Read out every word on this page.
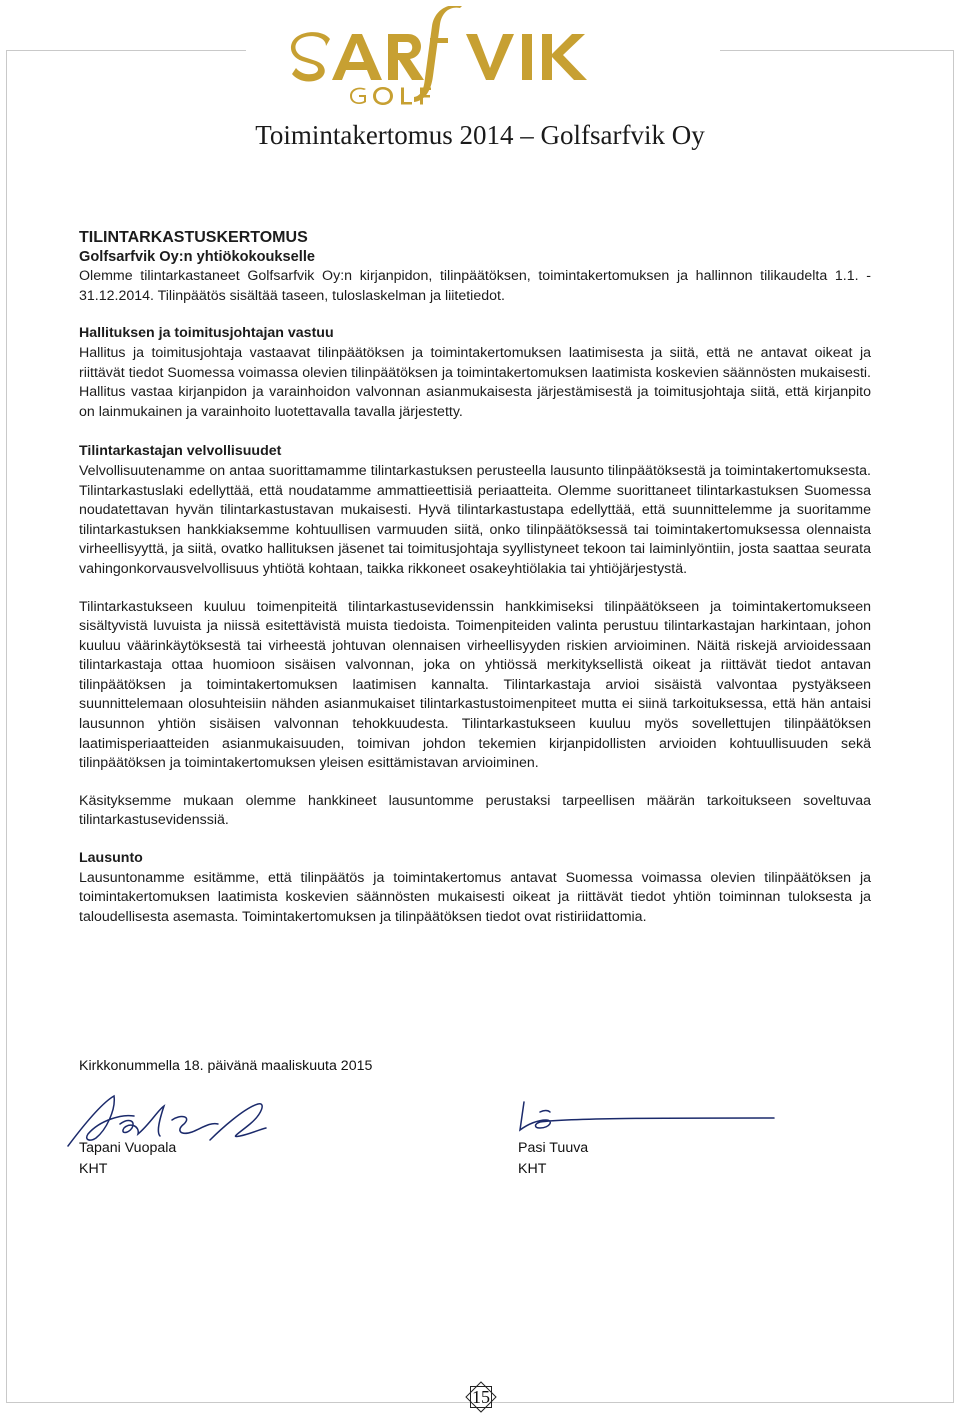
Toimintakertomus 2014 – Golfsarfvik Oy

TILINTARKASTUSKERTOMUS

Golfsarfvik Oy:n yhtiökokoukselle

Olemme tilintarkastaneet Golfsarfvik Oy:n kirjanpidon, tilinpäätöksen, toimintakertomuksen ja hallinnon tilikaudelta 1.1. - 31.12.2014. Tilinpäätös sisältää taseen, tuloslaskelman ja liitetiedot.

Hallituksen ja toimitusjohtajan vastuu

Hallitus ja toimitusjohtaja vastaavat tilinpäätöksen ja toimintakertomuksen laatimisesta ja siitä, että ne antavat oikeat ja riittävät tiedot Suomessa voimassa olevien tilinpäätöksen ja toimintakertomuksen laatimista koskevien säännösten mukaisesti. Hallitus vastaa kirjanpidon ja varainhoidon valvonnan asianmukaisesta järjestämisestä ja toimitusjohtaja siitä, että kirjanpito on lainmukainen ja varainhoito luotettavalla tavalla järjestetty.

Tilintarkastajan velvollisuudet

Velvollisuutenamme on antaa suorittamamme tilintarkastuksen perusteella lausunto tilinpäätöksestä ja toimintakertomuksesta. Tilintarkastuslaki edellyttää, että noudatamme ammattieettisiä periaatteita. Olemme suorittaneet tilintarkastuksen Suomessa noudatettavan hyvän tilintarkastustavan mukaisesti. Hyvä tilintarkastustapa edellyttää, että suunnittelemme ja suoritamme tilintarkastuksen hankkiaksemme kohtuullisen varmuuden siitä, onko tilinpäätöksessä tai toimintakertomuksessa olennaista virheellisyyttä, ja siitä, ovatko hallituksen jäsenet tai toimitusjohtaja syyllistyneet tekoon tai laiminlyöntiin, josta saattaa seurata vahingonkorvausvelvollisuus yhtiötä kohtaan, taikka rikkoneet osakeyhtiölakia tai yhtiöjärjestystä.

Tilintarkastukseen kuuluu toimenpiteitä tilintarkastusevidenssin hankkimiseksi tilinpäätökseen ja toimintakertomukseen sisältyvistä luvuista ja niissä esitettävistä muista tiedoista. Toimenpiteiden valinta perustuu tilintarkastajan harkintaan, johon kuuluu väärinkäytöksestä tai virheestä johtuvan olennaisen virheellisyyden riskien arvioiminen. Näitä riskejä arvioidessaan tilintarkastaja ottaa huomioon sisäisen valvonnan, joka on yhtiössä merkityksellistä oikeat ja riittävät tiedot antavan tilinpäätöksen ja toimintakertomuksen laatimisen kannalta. Tilintarkastaja arvioi sisäistä valvontaa pystyäkseen suunnittelemaan olosuhteisiin nähden asianmukaiset tilintarkastustoimenpiteet mutta ei siinä tarkoituksessa, että hän antaisi lausunnon yhtiön sisäisen valvonnan tehokkuudesta. Tilintarkastukseen kuuluu myös sovellettujen tilinpäätöksen laatimisperiaatteiden asianmukaisuuden, toimivan johdon tekemien kirjanpidollisten arvioiden kohtuullisuuden sekä tilinpäätöksen ja toimintakertomuksen yleisen esittämistavan arvioiminen.

Käsityksemme mukaan olemme hankkineet lausuntomme perustaksi tarpeellisen määrän tarkoitukseen soveltuvaa tilintarkastusevidenssiä.

Lausunto

Lausuntonamme esitämme, että tilinpäätös ja toimintakertomus antavat Suomessa voimassa olevien tilinpäätöksen ja toimintakertomuksen laatimista koskevien säännösten mukaisesti oikeat ja riittävät tiedot yhtiön toiminnan tuloksesta ja taloudellisesta asemasta. Toimintakertomuksen ja tilinpäätöksen tiedot ovat ristiriidattomia.

Kirkkonummella 18. päivänä maaliskuuta 2015
Tapani Vuopala
KHT
Pasi Tuuva
KHT
15
